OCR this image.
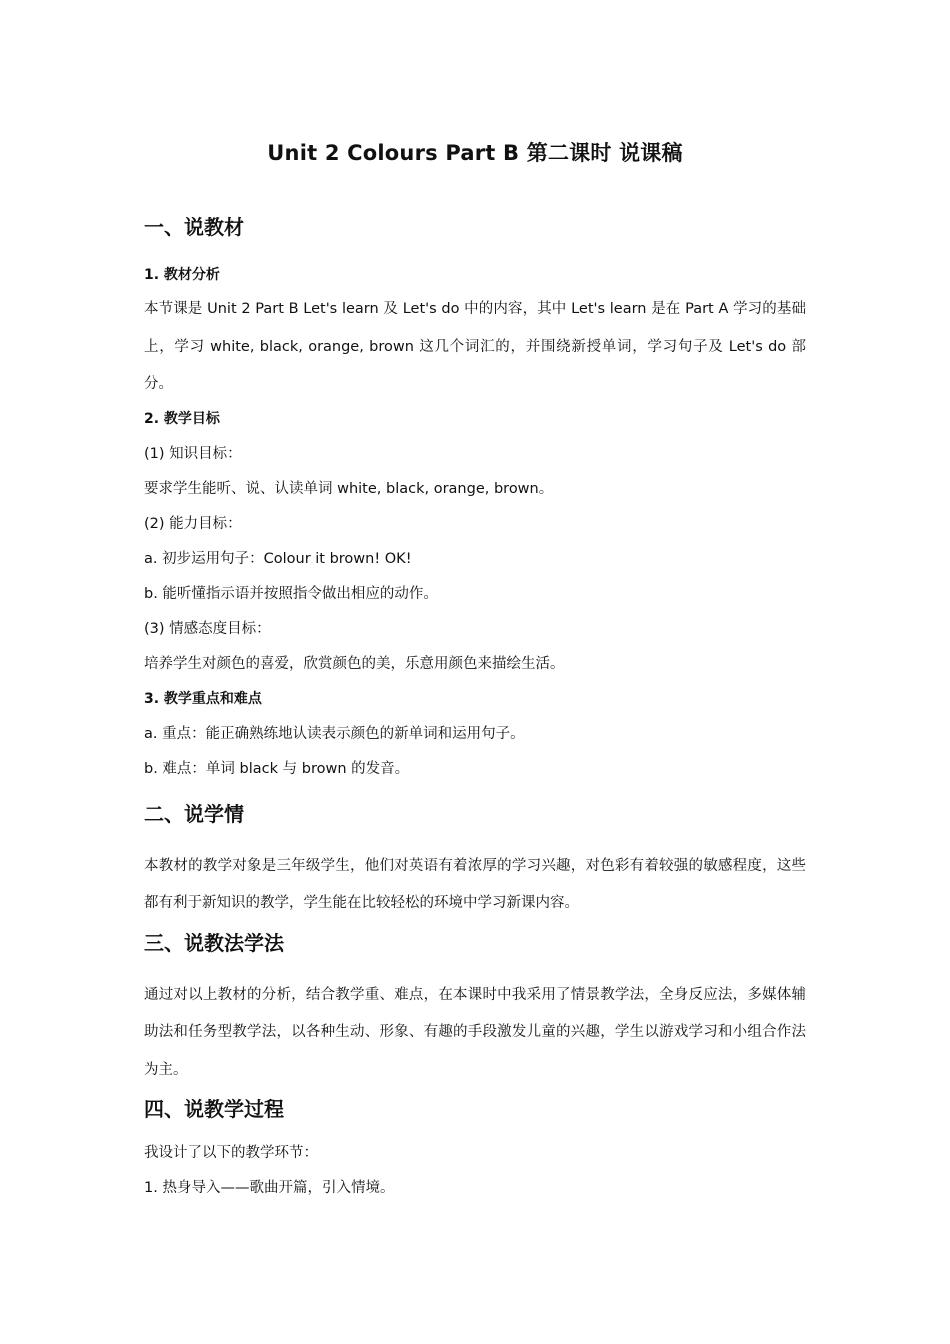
Unit 2 Colours Part B 第二课时 说课稿
一、说教材
1. 教材分析

本节课是 Unit 2 Part B Let's learn 及 Let's do 中的内容，其中 Let's learn 是在 Part A 学习的基础上，学习 white, black, orange, brown 这几个词汇的，并围绕新授单词，学习句子及 Let's do 部分。

2. 教学目标
(1) 知识目标：
要求学生能听、说、认读单词 white, black, orange, brown。
(2) 能力目标：
a. 初步运用句子：Colour it brown! OK!
b. 能听懂指示语并按照指令做出相应的动作。
(3) 情感态度目标：
培养学生对颜色的喜爱，欣赏颜色的美，乐意用颜色来描绘生活。
3. 教学重点和难点
a. 重点：能正确熟练地认读表示颜色的新单词和运用句子。
b. 难点：单词 black 与 brown 的发音。
二、说学情

本教材的教学对象是三年级学生，他们对英语有着浓厚的学习兴趣，对色彩有着较强的敏感程度，这些都有利于新知识的教学，学生能在比较轻松的环境中学习新课内容。

三、说教法学法

通过对以上教材的分析，结合教学重、难点，在本课时中我采用了情景教学法，全身反应法，多媒体辅助法和任务型教学法，以各种生动、形象、有趣的手段激发儿童的兴趣，学生以游戏学习和小组合作法为主。

四、说教学过程
我设计了以下的教学环节：
1. 热身导入——歌曲开篇，引入情境。
